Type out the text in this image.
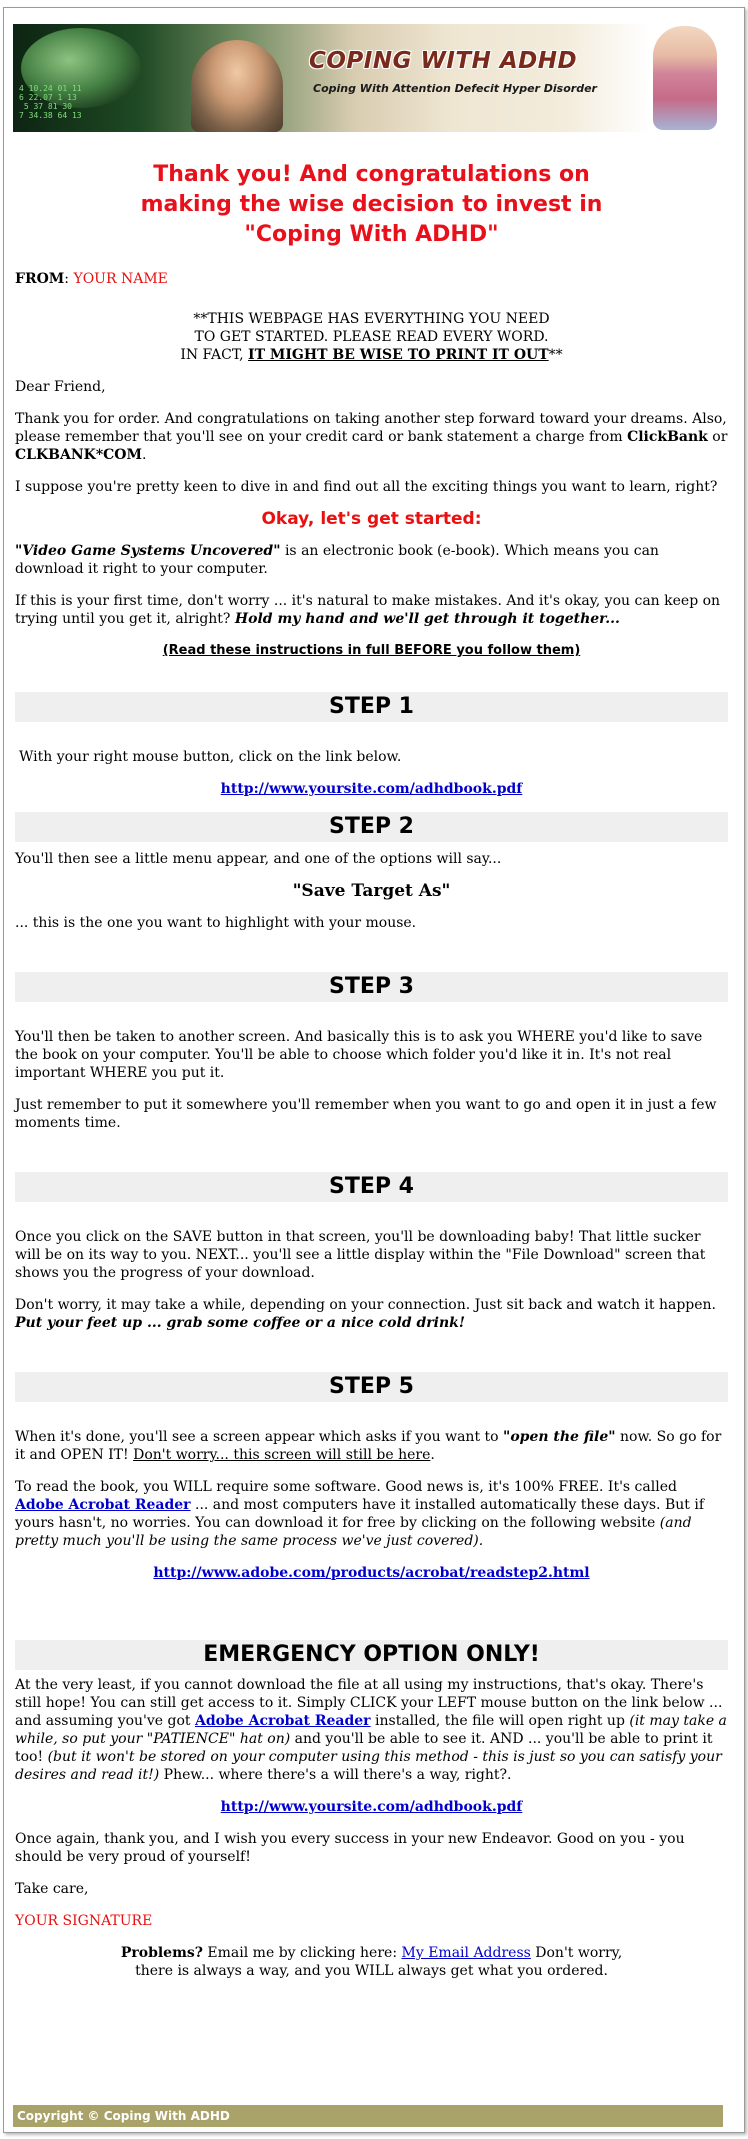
4 10.24 01 11
6 22.07 1 13
5 37 81 30
7 34.38 64 13
COPING WITH ADHD
Coping With Attention Defecit Hyper Disorder
Thank you! And congratulations on
making the wise decision to invest in
"Coping With ADHD"

FROM: YOUR NAME

**THIS WEBPAGE HAS EVERYTHING YOU NEED
TO GET STARTED. PLEASE READ EVERY WORD.
IN FACT, IT MIGHT BE WISE TO PRINT IT OUT**

Dear Friend,

Thank you for order. And congratulations on taking another step forward toward your dreams. Also, please remember that you'll see on your credit card or bank statement a charge from ClickBank or CLKBANK*COM.

I suppose you're pretty keen to dive in and find out all the exciting things you want to learn, right?

Okay, let's get started:

"Video Game Systems Uncovered" is an electronic book (e-book). Which means you can download it right to your computer.

If this is your first time, don't worry ... it's natural to make mistakes. And it's okay, you can keep on trying until you get it, alright? Hold my hand and we'll get through it together...

(Read these instructions in full BEFORE you follow them)

STEP 1

With your right mouse button, click on the link below.

http://www.yoursite.com/adhdbook.pdf

STEP 2

You'll then see a little menu appear, and one of the options will say...

"Save Target As"

... this is the one you want to highlight with your mouse.

STEP 3

You'll then be taken to another screen. And basically this is to ask you WHERE you'd like to save the book on your computer. You'll be able to choose which folder you'd like it in. It's not real important WHERE you put it.

Just remember to put it somewhere you'll remember when you want to go and open it in just a few moments time.

STEP 4

Once you click on the SAVE button in that screen, you'll be downloading baby! That little sucker will be on its way to you. NEXT... you'll see a little display within the "File Download" screen that shows you the progress of your download.

Don't worry, it may take a while, depending on your connection. Just sit back and watch it happen. Put your feet up ... grab some coffee or a nice cold drink!

STEP 5

When it's done, you'll see a screen appear which asks if you want to "open the file" now. So go for it and OPEN IT! Don't worry... this screen will still be here.

To read the book, you WILL require some software. Good news is, it's 100% FREE. It's called Adobe Acrobat Reader ... and most computers have it installed automatically these days. But if yours hasn't, no worries. You can download it for free by clicking on the following website (and pretty much you'll be using the same process we've just covered).

http://www.adobe.com/products/acrobat/readstep2.html

EMERGENCY OPTION ONLY!

At the very least, if you cannot download the file at all using my instructions, that's okay. There's still hope! You can still get access to it. Simply CLICK your LEFT mouse button on the link below ... and assuming you've got Adobe Acrobat Reader installed, the file will open right up (it may take a while, so put your "PATIENCE" hat on) and you'll be able to see it. AND ... you'll be able to print it too! (but it won't be stored on your computer using this method - this is just so you can satisfy your desires and read it!) Phew... where there's a will there's a way, right?.

http://www.yoursite.com/adhdbook.pdf

Once again, thank you, and I wish you every success in your new Endeavor. Good on you - you should be very proud of yourself!

Take care,

YOUR SIGNATURE

Problems? Email me by clicking here: My Email Address Don't worry,
there is always a way, and you WILL always get what you ordered.

Copyright © Coping With ADHD
